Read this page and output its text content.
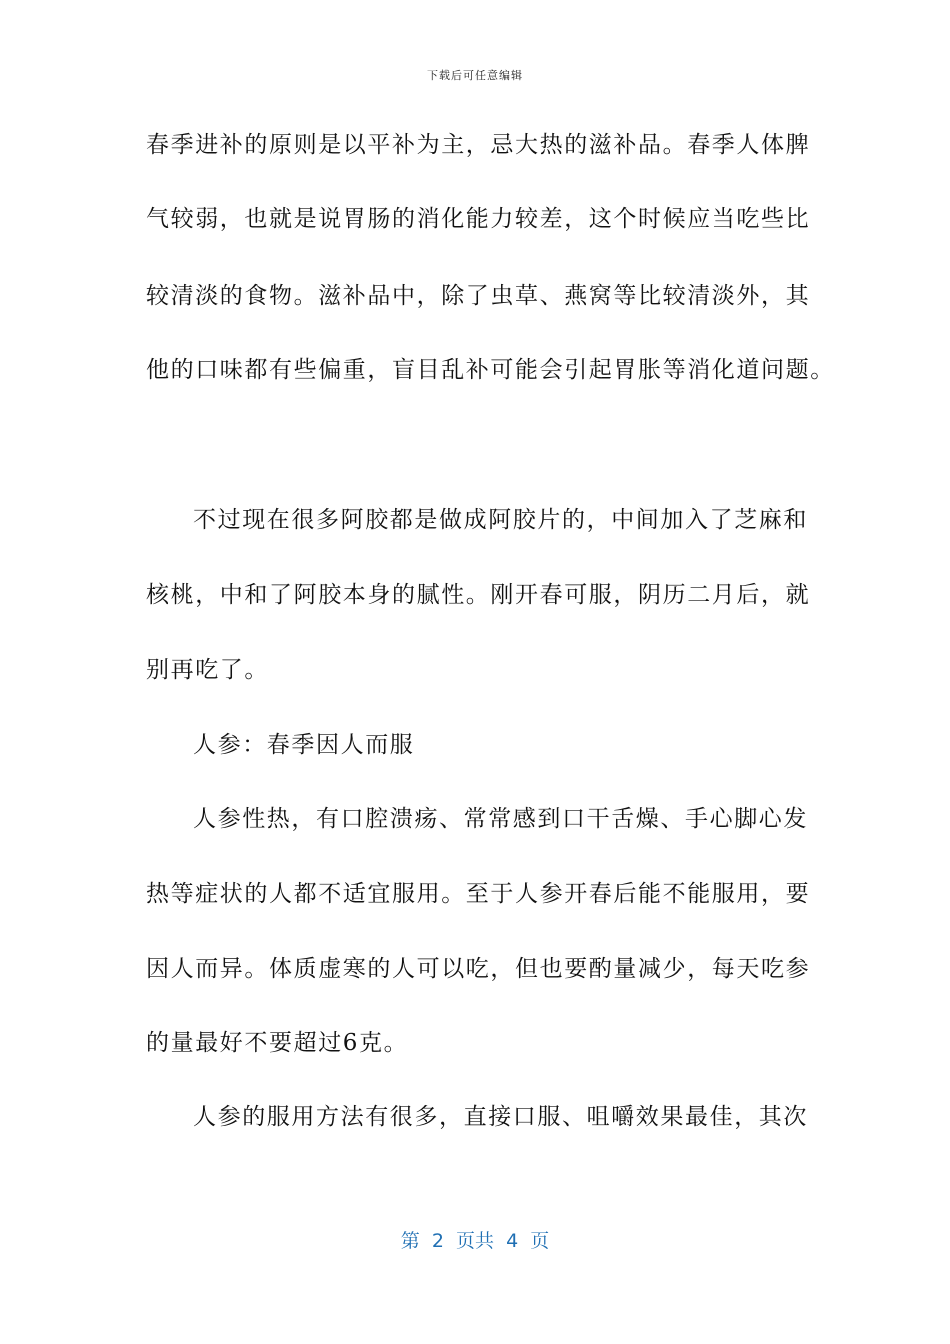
下载后可任意编辑
春季进补的原则是以平补为主，忌大热的滋补品。春季人体脾
气较弱，也就是说胃肠的消化能力较差，这个时候应当吃些比
较清淡的食物。滋补品中，除了虫草、燕窝等比较清淡外，其
他的口味都有些偏重，盲目乱补可能会引起胃胀等消化道问题。
不过现在很多阿胶都是做成阿胶片的，中间加入了芝麻和
核桃，中和了阿胶本身的腻性。刚开春可服，阴历二月后，就
别再吃了。
人参：春季因人而服
人参性热，有口腔溃疡、常常感到口干舌燥、手心脚心发
热等症状的人都不适宜服用。至于人参开春后能不能服用，要
因人而异。体质虚寒的人可以吃，但也要酌量减少，每天吃参
的量最好不要超过6克。
人参的服用方法有很多，直接口服、咀嚼效果最佳，其次
第  2  页共  4  页
